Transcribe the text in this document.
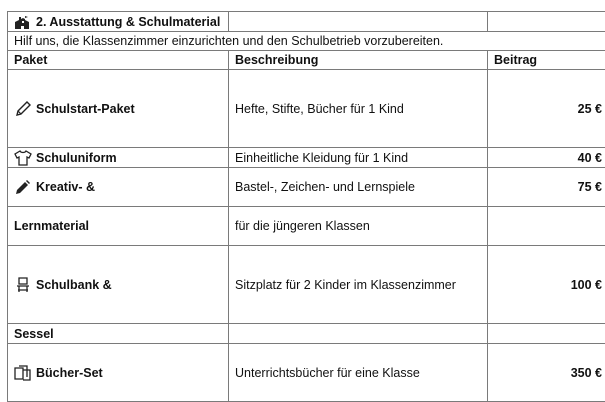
2. Ausstattung & Schulmaterial		
Hilf uns, die Klassenzimmer einzurichten und den Schulbetrieb vorzubereiten.		
Paket	Beschreibung	Beitrag

Schulstart-Paket	Hefte, Stifte, Bücher für 1 Kind	25 €

Schuluniform	Einheitliche Kleidung für 1 Kind	40 €

Kreativ- &	Bastel-, Zeichen- und Lernspiele	75 €
Lernmaterial	für die jüngeren Klassen	

Schulbank &	Sitzplatz für 2 Kinder im Klassenzimmer	100 €
Sessel		

Bücher-Set	Unterrichtsbücher für eine Klasse	350 €
